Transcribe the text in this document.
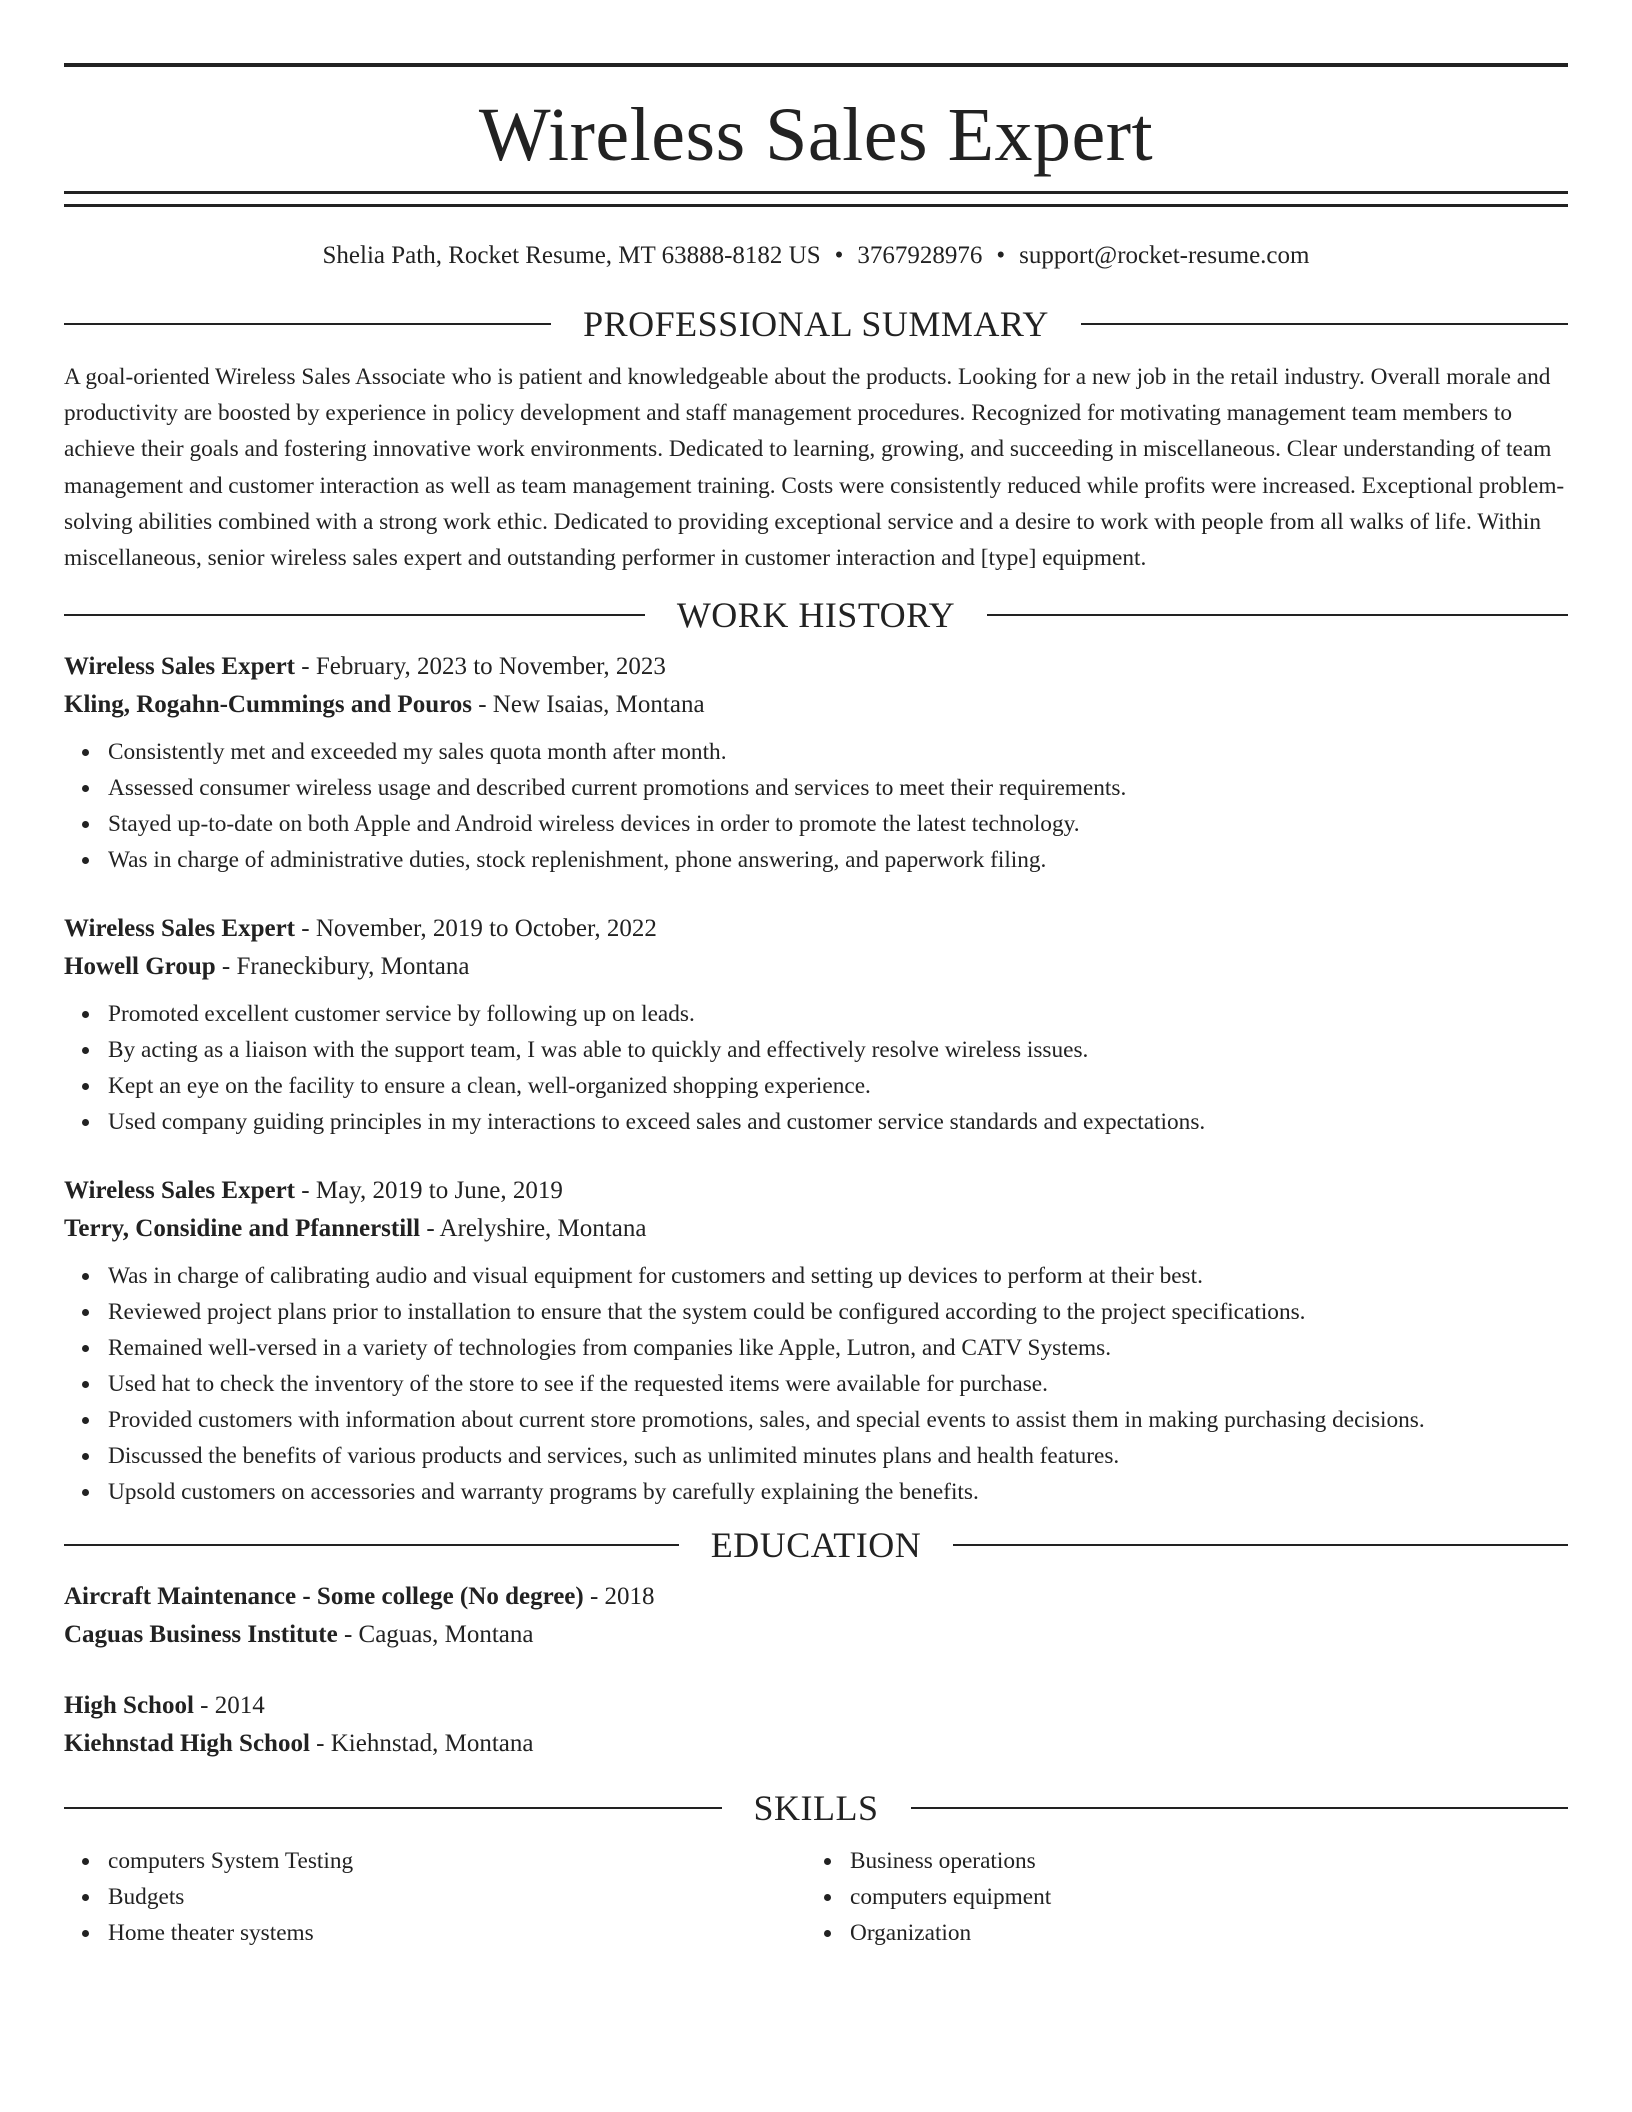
Wireless Sales Expert
Shelia Path, Rocket Resume, MT 63888-8182 US • 3767928976 • support@rocket-resume.com
PROFESSIONAL SUMMARY
A goal-oriented Wireless Sales Associate who is patient and knowledgeable about the products. Looking for a new job in the retail industry. Overall morale and productivity are boosted by experience in policy development and staff management procedures. Recognized for motivating management team members to achieve their goals and fostering innovative work environments. Dedicated to learning, growing, and succeeding in miscellaneous. Clear understanding of team management and customer interaction as well as team management training. Costs were consistently reduced while profits were increased. Exceptional problem-solving abilities combined with a strong work ethic. Dedicated to providing exceptional service and a desire to work with people from all walks of life. Within miscellaneous, senior wireless sales expert and outstanding performer in customer interaction and [type] equipment.
WORK HISTORY
Wireless Sales Expert - February, 2023 to November, 2023
Kling, Rogahn-Cummings and Pouros - New Isaias, Montana
Consistently met and exceeded my sales quota month after month.
Assessed consumer wireless usage and described current promotions and services to meet their requirements.
Stayed up-to-date on both Apple and Android wireless devices in order to promote the latest technology.
Was in charge of administrative duties, stock replenishment, phone answering, and paperwork filing.
Wireless Sales Expert - November, 2019 to October, 2022
Howell Group - Franeckibury, Montana
Promoted excellent customer service by following up on leads.
By acting as a liaison with the support team, I was able to quickly and effectively resolve wireless issues.
Kept an eye on the facility to ensure a clean, well-organized shopping experience.
Used company guiding principles in my interactions to exceed sales and customer service standards and expectations.
Wireless Sales Expert - May, 2019 to June, 2019
Terry, Considine and Pfannerstill - Arelyshire, Montana
Was in charge of calibrating audio and visual equipment for customers and setting up devices to perform at their best.
Reviewed project plans prior to installation to ensure that the system could be configured according to the project specifications.
Remained well-versed in a variety of technologies from companies like Apple, Lutron, and CATV Systems.
Used hat to check the inventory of the store to see if the requested items were available for purchase.
Provided customers with information about current store promotions, sales, and special events to assist them in making purchasing decisions.
Discussed the benefits of various products and services, such as unlimited minutes plans and health features.
Upsold customers on accessories and warranty programs by carefully explaining the benefits.
EDUCATION
Aircraft Maintenance - Some college (No degree) - 2018
Caguas Business Institute - Caguas, Montana
High School - 2014
Kiehnstad High School - Kiehnstad, Montana
SKILLS
computers System Testing
Budgets
Home theater systems
Business operations
computers equipment
Organization
